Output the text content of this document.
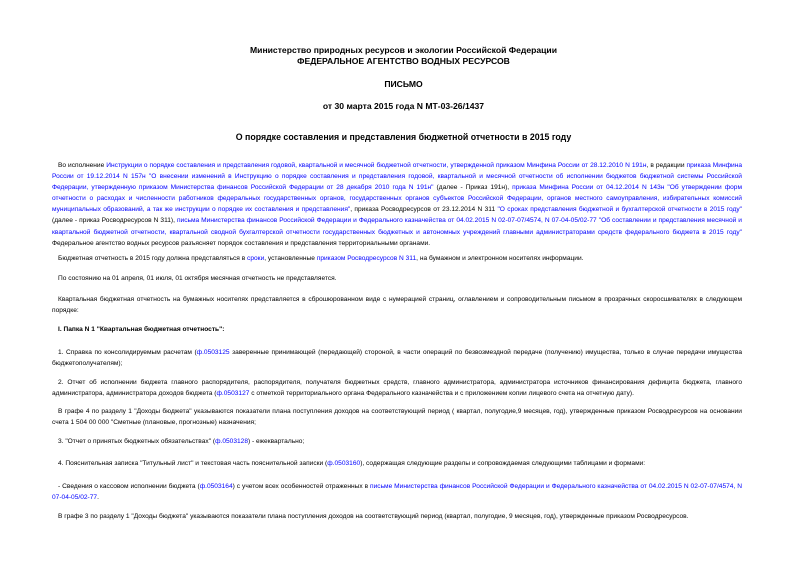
Министерство природных ресурсов и экологии Российской Федерации
ФЕДЕРАЛЬНОЕ АГЕНТСТВО ВОДНЫХ РЕСУРСОВ
ПИСЬМО
от 30 марта 2015 года N МТ-03-26/1437
О порядке составления и представления бюджетной отчетности в 2015 году

Во исполнение Инструкции о порядке составления и представления годовой, квартальной и месячной бюджетной отчетности, утвержденной приказом Минфина России от 28.12.2010 N 191н, в редакции приказа Минфина России от 19.12.2014 N 157н "О внесении изменений в Инструкцию о порядке составления и представления годовой, квартальной и месячной отчетности об исполнении бюджетов бюджетной системы Российской Федерации, утвержденную приказом Министерства финансов Российской Федерации от 28 декабря 2010 года N 191н" (далее - Приказ 191н), приказа Минфина России от 04.12.2014 N 143н "Об утверждении форм отчетности о расходах и численности работников федеральных государственных органов, государственных органов субъектов Российской Федерации, органов местного самоуправления, избирательных комиссий муниципальных образований, а так же инструкции о порядке их составления и представления", приказа Росводресурсов от 23.12.2014 N 311 "О сроках представления бюджетной и бухгалтерской отчетности в 2015 году" (далее - приказ Росводресурсов N 311), письма Министерства финансов Российской Федерации и Федерального казначейства от 04.02.2015 N 02-07-07/4574, N 07-04-05/02-77 "Об составлении и представления месячной и квартальной бюджетной отчетности, квартальной сводной бухгалтерской отчетности государственных бюджетных и автономных учреждений главными администраторами средств федерального бюджета в 2015 году" Федеральное агентство водных ресурсов разъясняет порядок составления и представления территориальными органами.

Бюджетная отчетность в 2015 году должна представляться в сроки, установленные приказом Росводресурсов N 311, на бумажном и электронном носителях информации.

По состоянию на 01 апреля, 01 июля, 01 октября месячная отчетность не представляется.

Квартальная бюджетная отчетность на бумажных носителях представляется в сброшюрованном виде с нумерацией страниц, оглавлением и сопроводительным письмом в прозрачных скоросшивателях в следующем порядке:

I. Папка N 1 "Квартальная бюджетная отчетность":

1. Справка по консолидируемым расчетам (ф.0503125 заверенные принимающей (передающей) стороной, в части операций по безвозмездной передаче (получению) имущества, только в случае передачи имущества бюджетополучателям);

2. Отчет об исполнении бюджета главного распорядителя, распорядителя, получателя бюджетных средств, главного администратора, администратора источников финансирования дефицита бюджета, главного администратора, администратора доходов бюджета (ф.0503127 с отметкой территориального органа Федерального казначейства и с приложением копии лицевого счета на отчетную дату).

В графе 4 по разделу 1 "Доходы бюджета" указываются показатели плана поступления доходов на соответствующий период ( квартал, полугодие,9 месяцев, год), утвержденные приказом Росводресурсов на основании счета 1 504 00 000 "Сметные (плановые, прогнозные) назначения;

3. "Отчет о принятых бюджетных обязательствах" (ф.0503128) - ежеквартально;

4. Пояснительная записка "Титульный лист" и текстовая часть пояснительной записки (ф.0503160), содержащая следующие разделы и сопровождаемая следующими таблицами и формами:

- Сведения о кассовом исполнении бюджета (ф.0503164) с учетом всех особенностей отраженных в письме Министерства финансов Российской Федерации и Федерального казначейства от 04.02.2015 N 02-07-07/4574, N 07-04-05/02-77.

В графе 3 по разделу 1 "Доходы бюджета" указываются показатели плана поступления доходов на соответствующий период (квартал, полугодие, 9 месяцев, год), утвержденные приказом Росводресурсов.
